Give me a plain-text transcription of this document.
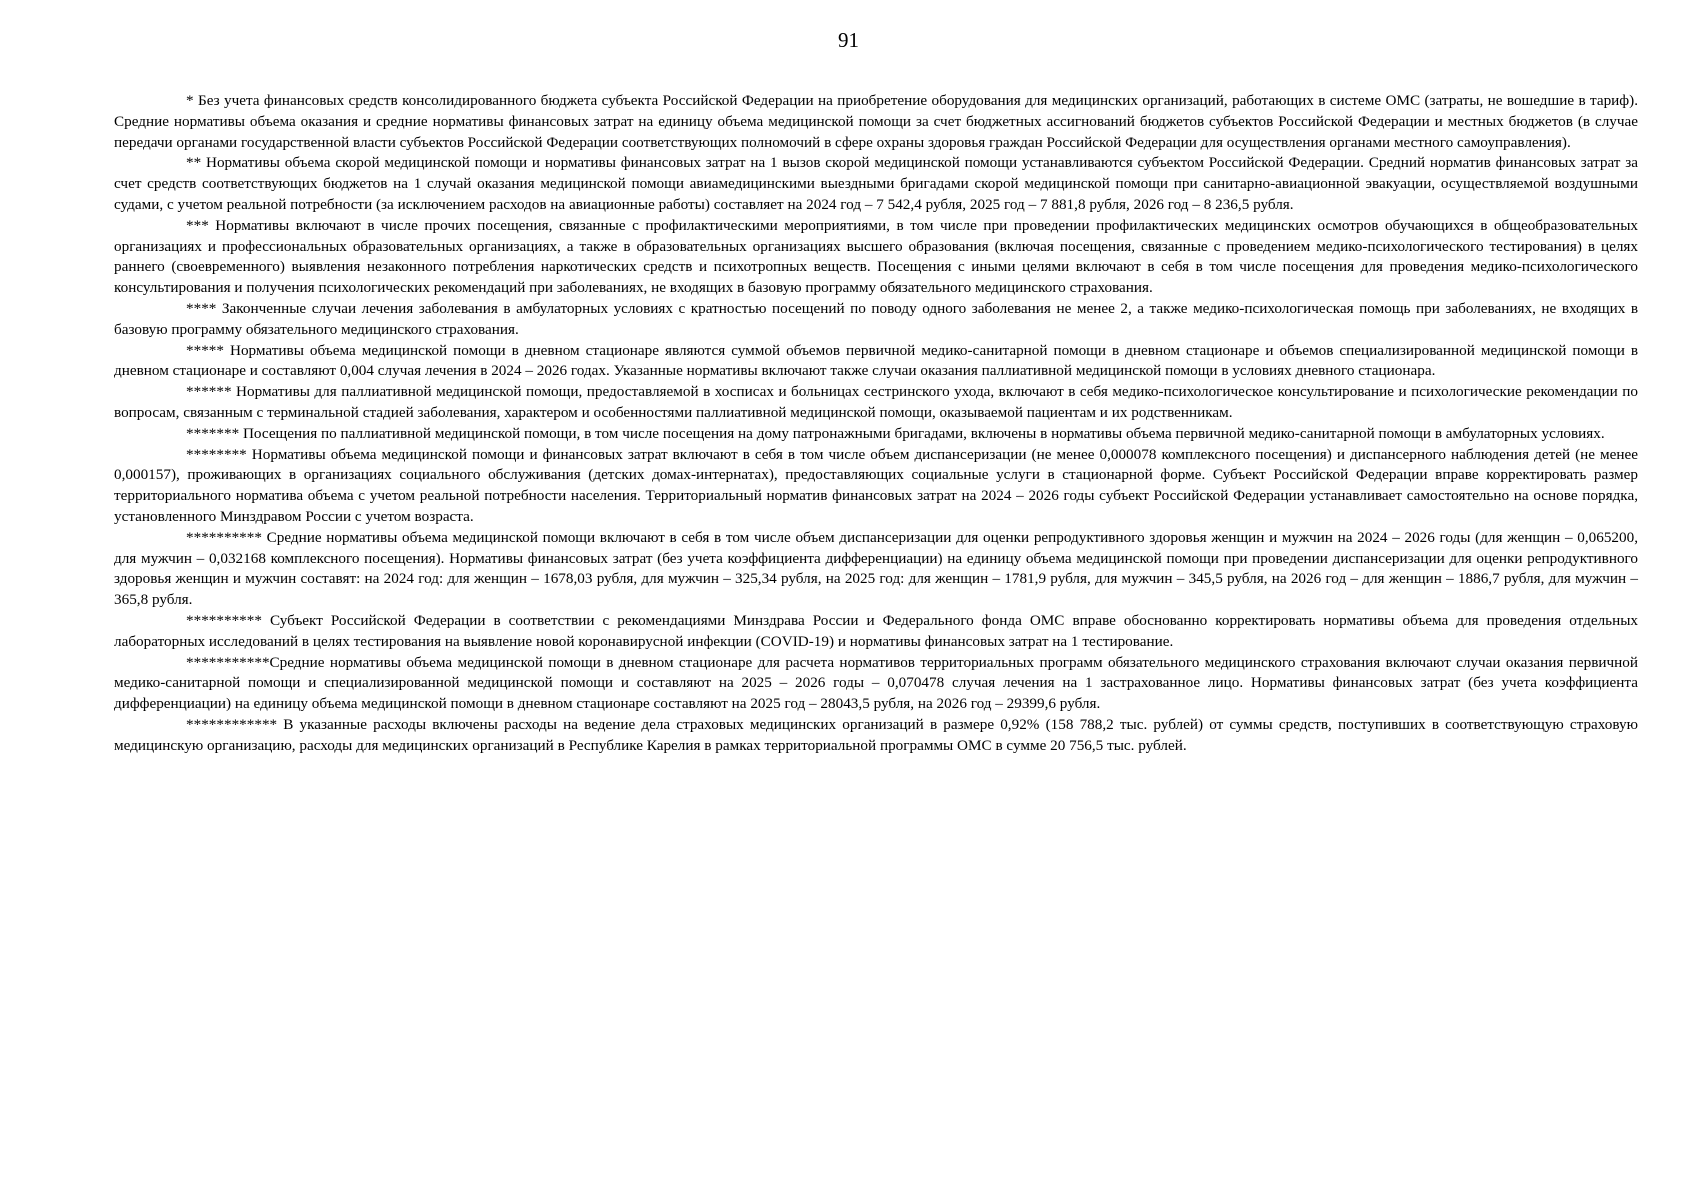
91

* Без учета финансовых средств консолидированного бюджета субъекта Российской Федерации на приобретение оборудования для медицинских организаций, работающих в системе ОМС (затраты, не вошедшие в тариф). Средние нормативы объема оказания и средние нормативы финансовых затрат на единицу объема медицинской помощи за счет бюджетных ассигнований бюджетов субъектов Российской Федерации и местных бюджетов (в случае передачи органами государственной власти субъектов Российской Федерации соответствующих полномочий в сфере охраны здоровья граждан Российской Федерации для осуществления органами местного самоуправления).

** Нормативы объема скорой медицинской помощи и нормативы финансовых затрат на 1 вызов скорой медицинской помощи устанавливаются субъектом Российской Федерации. Средний норматив финансовых затрат за счет средств соответствующих бюджетов на 1 случай оказания медицинской помощи авиамедицинскими выездными бригадами скорой медицинской помощи при санитарно-авиационной эвакуации, осуществляемой воздушными судами, с учетом реальной потребности (за исключением расходов на авиационные работы) составляет на 2024 год – 7 542,4 рубля, 2025 год – 7 881,8 рубля, 2026 год – 8 236,5 рубля.

*** Нормативы включают в числе прочих посещения, связанные с профилактическими мероприятиями, в том числе при проведении профилактических медицинских осмотров обучающихся в общеобразовательных организациях и профессиональных образовательных организациях, а также в образовательных организациях высшего образования (включая посещения, связанные с проведением медико-психологического тестирования) в целях раннего (своевременного) выявления незаконного потребления наркотических средств и психотропных веществ. Посещения с иными целями включают в себя в том числе посещения для проведения медико-психологического консультирования и получения психологических рекомендаций при заболеваниях, не входящих в базовую программу обязательного медицинского страхования.

**** Законченные случаи лечения заболевания в амбулаторных условиях с кратностью посещений по поводу одного заболевания не менее 2, а также медико-психологическая помощь при заболеваниях, не входящих в базовую программу обязательного медицинского страхования.

***** Нормативы объема медицинской помощи в дневном стационаре являются суммой объемов первичной медико-санитарной помощи в дневном стационаре и объемов специализированной медицинской помощи в дневном стационаре и составляют 0,004 случая лечения в 2024 – 2026 годах. Указанные нормативы включают также случаи оказания паллиативной медицинской помощи в условиях дневного стационара.

****** Нормативы для паллиативной медицинской помощи, предоставляемой в хосписах и больницах сестринского ухода, включают в себя медико-психологическое консультирование и психологические рекомендации по вопросам, связанным с терминальной стадией заболевания, характером и особенностями паллиативной медицинской помощи, оказываемой пациентам и их родственникам.

******* Посещения по паллиативной медицинской помощи, в том числе посещения на дому патронажными бригадами, включены в нормативы объема первичной медико-санитарной помощи в амбулаторных условиях.

******** Нормативы объема медицинской помощи и финансовых затрат включают в себя в том числе объем диспансеризации (не менее 0,000078 комплексного посещения) и диспансерного наблюдения детей (не менее 0,000157), проживающих в организациях социального обслуживания (детских домах-интернатах), предоставляющих социальные услуги в стационарной форме. Субъект Российской Федерации вправе корректировать размер территориального норматива объема с учетом реальной потребности населения. Территориальный норматив финансовых затрат на 2024 – 2026 годы субъект Российской Федерации устанавливает самостоятельно на основе порядка, установленного Минздравом России с учетом возраста.

********** Средние нормативы объема медицинской помощи включают в себя в том числе объем диспансеризации для оценки репродуктивного здоровья женщин и мужчин на 2024 – 2026 годы (для женщин – 0,065200, для мужчин – 0,032168 комплексного посещения). Нормативы финансовых затрат (без учета коэффициента дифференциации) на единицу объема медицинской помощи при проведении диспансеризации для оценки репродуктивного здоровья женщин и мужчин составят: на 2024 год: для женщин – 1678,03 рубля, для мужчин – 325,34 рубля, на 2025 год: для женщин – 1781,9 рубля, для мужчин – 345,5 рубля, на 2026 год – для женщин – 1886,7 рубля, для мужчин – 365,8 рубля.

********** Субъект Российской Федерации в соответствии с рекомендациями Минздрава России и Федерального фонда ОМС вправе обоснованно корректировать нормативы объема для проведения отдельных лабораторных исследований в целях тестирования на выявление новой коронавирусной инфекции (COVID-19) и нормативы финансовых затрат на 1 тестирование.

***********Средние нормативы объема медицинской помощи в дневном стационаре для расчета нормативов территориальных программ обязательного медицинского страхования включают случаи оказания первичной медико-санитарной помощи и специализированной медицинской помощи и составляют на 2025 – 2026 годы – 0,070478 случая лечения на 1 застрахованное лицо. Нормативы финансовых затрат (без учета коэффициента дифференциации) на единицу объема медицинской помощи в дневном стационаре составляют на 2025 год – 28043,5 рубля, на 2026 год – 29399,6 рубля.

************ В указанные расходы включены расходы на ведение дела страховых медицинских организаций в размере 0,92% (158 788,2 тыс. рублей) от суммы средств, поступивших в соответствующую страховую медицинскую организацию, расходы для медицинских организаций в Республике Карелия в рамках территориальной программы ОМС в сумме 20 756,5 тыс. рублей.
